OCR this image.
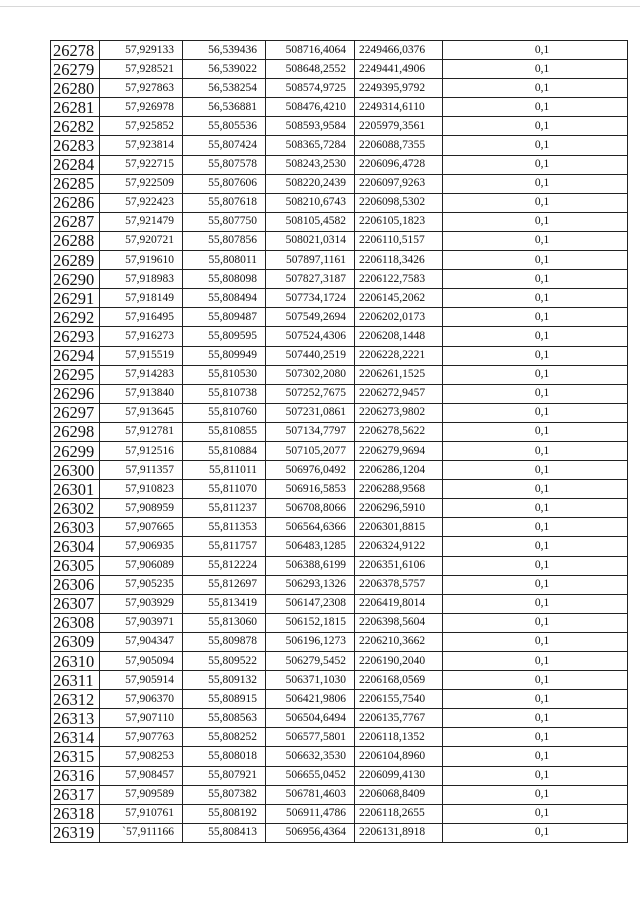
26278	57,929133	56,539436	508716,4064	2249466,0376	0,1
26279	57,928521	56,539022	508648,2552	2249441,4906	0,1
26280	57,927863	56,538254	508574,9725	2249395,9792	0,1
26281	57,926978	56,536881	508476,4210	2249314,6110	0,1
26282	57,925852	55,805536	508593,9584	2205979,3561	0,1
26283	57,923814	55,807424	508365,7284	2206088,7355	0,1
26284	57,922715	55,807578	508243,2530	2206096,4728	0,1
26285	57,922509	55,807606	508220,2439	2206097,9263	0,1
26286	57,922423	55,807618	508210,6743	2206098,5302	0,1
26287	57,921479	55,807750	508105,4582	2206105,1823	0,1
26288	57,920721	55,807856	508021,0314	2206110,5157	0,1
26289	57,919610	55,808011	507897,1161	2206118,3426	0,1
26290	57,918983	55,808098	507827,3187	2206122,7583	0,1
26291	57,918149	55,808494	507734,1724	2206145,2062	0,1
26292	57,916495	55,809487	507549,2694	2206202,0173	0,1
26293	57,916273	55,809595	507524,4306	2206208,1448	0,1
26294	57,915519	55,809949	507440,2519	2206228,2221	0,1
26295	57,914283	55,810530	507302,2080	2206261,1525	0,1
26296	57,913840	55,810738	507252,7675	2206272,9457	0,1
26297	57,913645	55,810760	507231,0861	2206273,9802	0,1
26298	57,912781	55,810855	507134,7797	2206278,5622	0,1
26299	57,912516	55,810884	507105,2077	2206279,9694	0,1
26300	57,911357	55,811011	506976,0492	2206286,1204	0,1
26301	57,910823	55,811070	506916,5853	2206288,9568	0,1
26302	57,908959	55,811237	506708,8066	2206296,5910	0,1
26303	57,907665	55,811353	506564,6366	2206301,8815	0,1
26304	57,906935	55,811757	506483,1285	2206324,9122	0,1
26305	57,906089	55,812224	506388,6199	2206351,6106	0,1
26306	57,905235	55,812697	506293,1326	2206378,5757	0,1
26307	57,903929	55,813419	506147,2308	2206419,8014	0,1
26308	57,903971	55,813060	506152,1815	2206398,5604	0,1
26309	57,904347	55,809878	506196,1273	2206210,3662	0,1
26310	57,905094	55,809522	506279,5452	2206190,2040	0,1
26311	57,905914	55,809132	506371,1030	2206168,0569	0,1
26312	57,906370	55,808915	506421,9806	2206155,7540	0,1
26313	57,907110	55,808563	506504,6494	2206135,7767	0,1
26314	57,907763	55,808252	506577,5801	2206118,1352	0,1
26315	57,908253	55,808018	506632,3530	2206104,8960	0,1
26316	57,908457	55,807921	506655,0452	2206099,4130	0,1
26317	57,909589	55,807382	506781,4603	2206068,8409	0,1
26318	57,910761	55,808192	506911,4786	2206118,2655	0,1
26319	`57,911166	55,808413	506956,4364	2206131,8918	0,1
